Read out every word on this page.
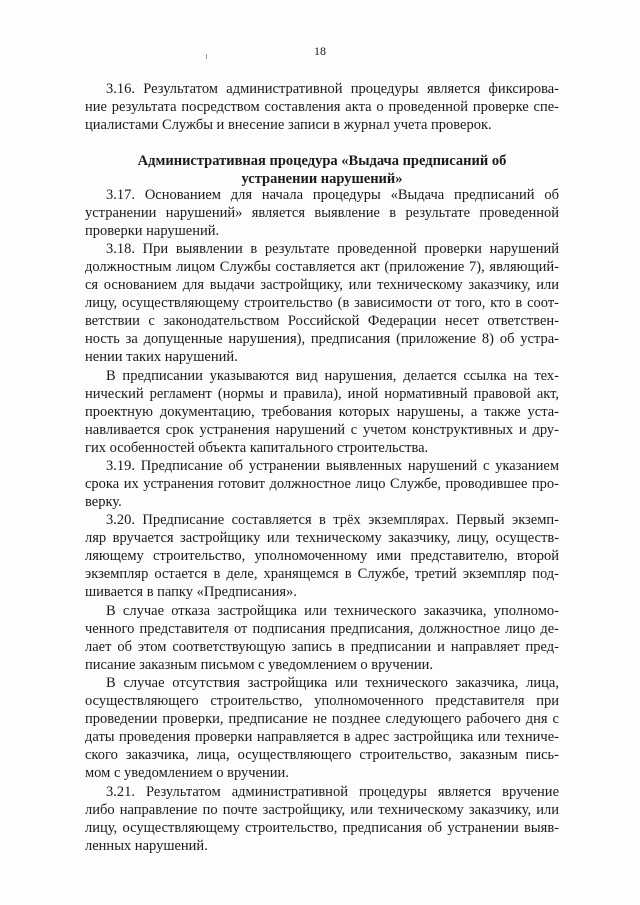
18
3.16. Результатом административной процедуры является фиксирова-
ние результата посредством составления акта о проведенной проверке спе-
циалистами Службы и внесение записи в журнал учета проверок.
Административная процедура «Выдача предписаний об
устранении нарушений»
3.17. Основанием для начала процедуры «Выдача предписаний об
устранении нарушений» является выявление в результате проведенной
проверки нарушений.
3.18. При выявлении в результате проведенной проверки нарушений
должностным лицом Службы составляется акт (приложение 7), являющий-
ся основанием для выдачи застройщику, или техническому заказчику, или
лицу, осуществляющему строительство (в зависимости от того, кто в соот-
ветствии с законодательством Российской Федерации несет ответствен-
ность за допущенные нарушения), предписания (приложение 8) об устра-
нении таких нарушений.
В предписании указываются вид нарушения, делается ссылка на тех-
нический регламент (нормы и правила), иной нормативный правовой акт,
проектную документацию, требования которых нарушены, а также уста-
навливается срок устранения нарушений с учетом конструктивных и дру-
гих особенностей объекта капитального строительства.
3.19. Предписание об устранении выявленных нарушений с указанием
срока их устранения готовит должностное лицо Службе, проводившее про-
верку.
3.20. Предписание составляется в трёх экземплярах. Первый экземп-
ляр вручается застройщику или техническому заказчику, лицу, осуществ-
ляющему строительство, уполномоченному ими представителю, второй
экземпляр остается в деле, хранящемся в Службе, третий экземпляр под-
шивается в папку «Предписания».
В случае отказа застройщика или технического заказчика, уполномо-
ченного представителя от подписания предписания, должностное лицо де-
лает об этом соответствующую запись в предписании и направляет пред-
писание заказным письмом с уведомлением о вручении.
В случае отсутствия застройщика или технического заказчика, лица,
осуществляющего строительство, уполномоченного представителя при
проведении проверки, предписание не позднее следующего рабочего дня с
даты проведения проверки направляется в адрес застройщика или техниче-
ского заказчика, лица, осуществляющего строительство, заказным пись-
мом с уведомлением о вручении.
3.21. Результатом административной процедуры является вручение
либо направление по почте застройщику, или техническому заказчику, или
лицу, осуществляющему строительство, предписания об устранении выяв-
ленных нарушений.
